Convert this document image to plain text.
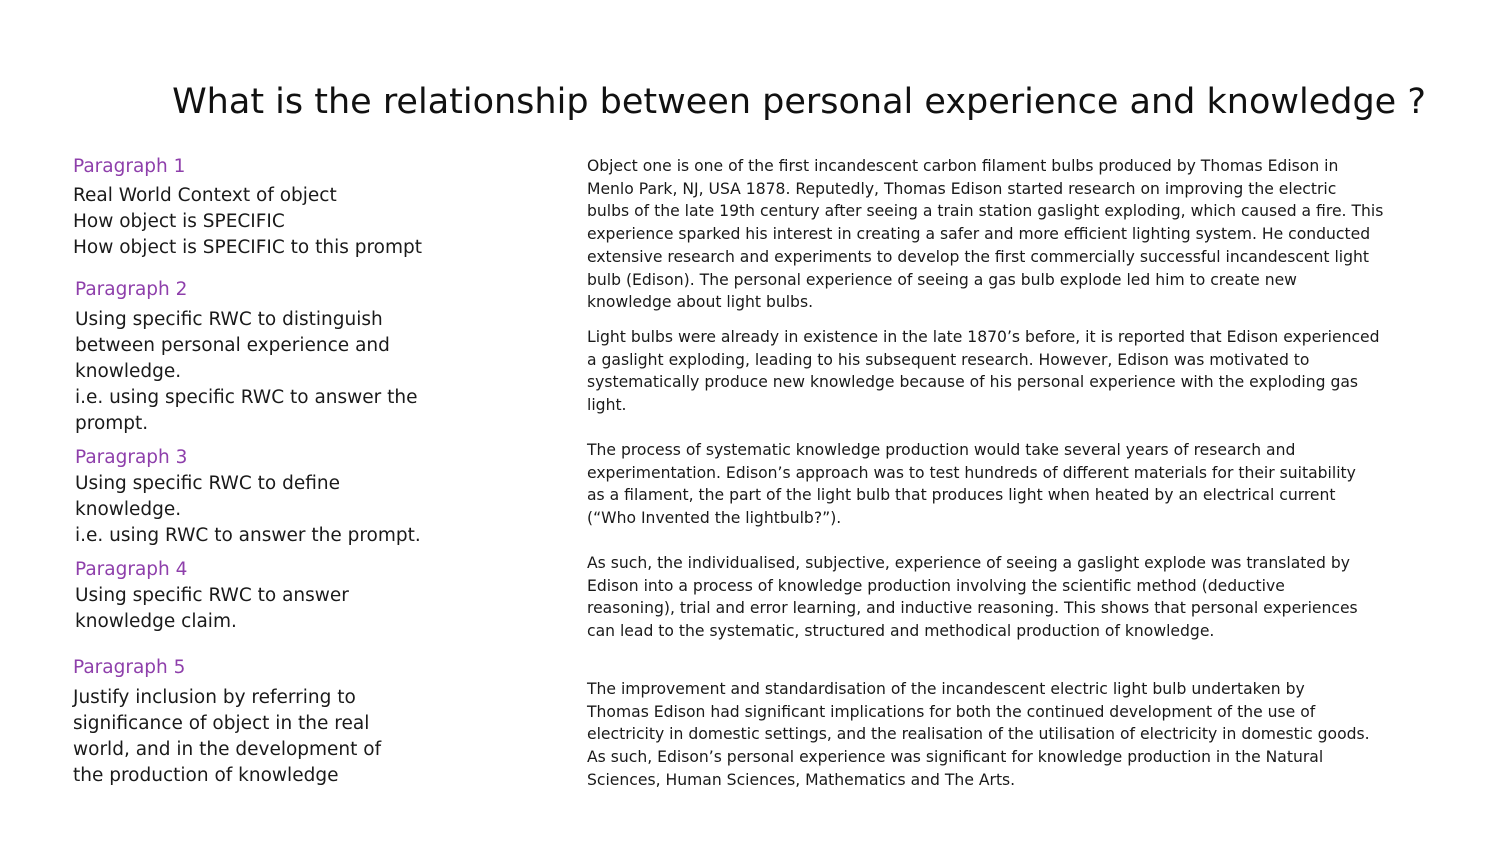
What is the relationship between personal experience and knowledge ?
Paragraph 1
Real World Context of object
How object is SPECIFIC
How object is SPECIFIC to this prompt
Paragraph 2
Using specific RWC to distinguish
between personal experience and
knowledge.
i.e. using specific RWC to answer the
prompt.
Paragraph 3
Using specific RWC to define
knowledge.
i.e. using RWC to answer the prompt.
Paragraph 4
Using specific RWC to answer
knowledge claim.
Paragraph 5
Justify inclusion by referring to
significance of object in the real
world, and in the development of
the production of knowledge
Object one is one of the first incandescent carbon filament bulbs produced by Thomas Edison in
Menlo Park, NJ, USA 1878. Reputedly, Thomas Edison started research on improving the electric
bulbs of the late 19th century after seeing a train station gaslight exploding, which caused a fire. This
experience sparked his interest in creating a safer and more efficient lighting system. He conducted
extensive research and experiments to develop the first commercially successful incandescent light
bulb (Edison). The personal experience of seeing a gas bulb explode led him to create new
knowledge about light bulbs.
Light bulbs were already in existence in the late 1870’s before, it is reported that Edison experienced
a gaslight exploding, leading to his subsequent research. However, Edison was motivated to
systematically produce new knowledge because of his personal experience with the exploding gas
light.
The process of systematic knowledge production would take several years of research and
experimentation. Edison’s approach was to test hundreds of different materials for their suitability
as a filament, the part of the light bulb that produces light when heated by an electrical current
(“Who Invented the lightbulb?”).
As such, the individualised, subjective, experience of seeing a gaslight explode was translated by
Edison into a process of knowledge production involving the scientific method (deductive
reasoning), trial and error learning, and inductive reasoning. This shows that personal experiences
can lead to the systematic, structured and methodical production of knowledge.
The improvement and standardisation of the incandescent electric light bulb undertaken by
Thomas Edison had significant implications for both the continued development of the use of
electricity in domestic settings, and the realisation of the utilisation of electricity in domestic goods.
As such, Edison’s personal experience was significant for knowledge production in the Natural
Sciences, Human Sciences, Mathematics and The Arts.
